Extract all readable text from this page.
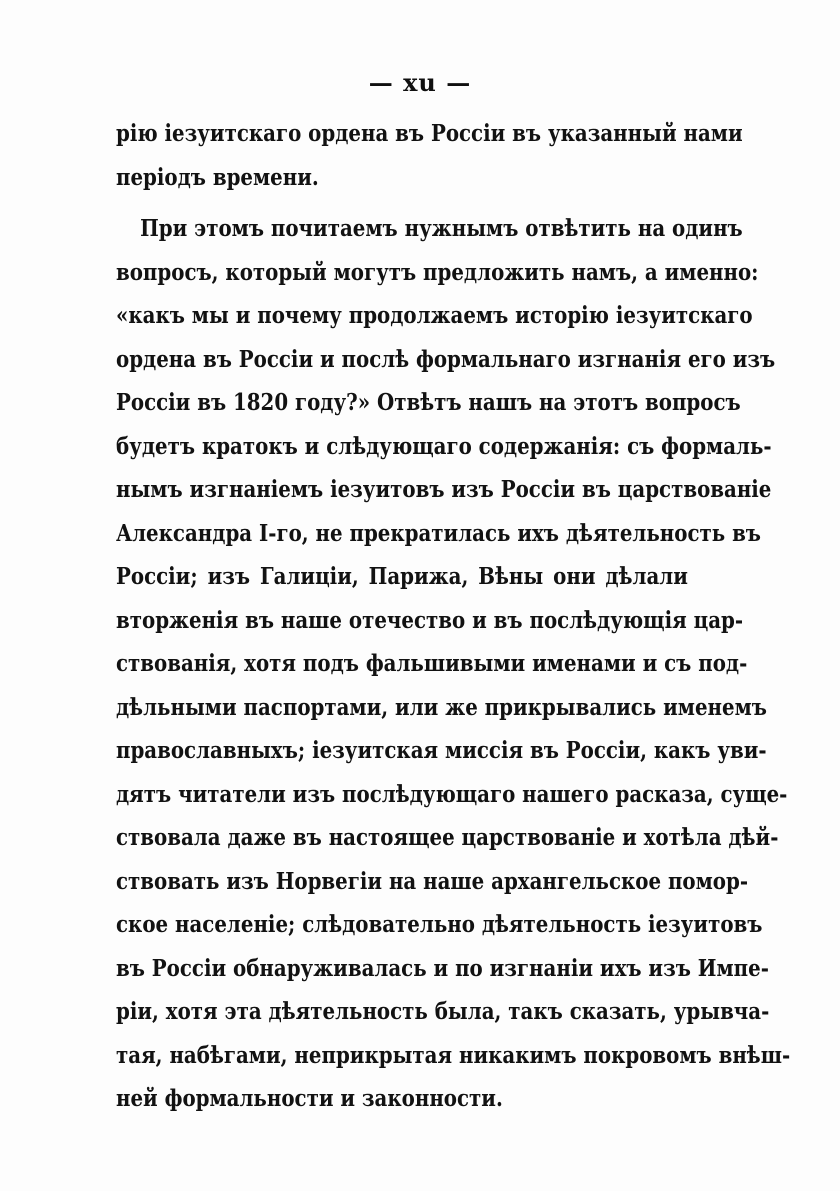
— xu —
рію іезуитскаго ордена въ Россіи въ указанный нами
періодъ времени.
При этомъ почитаемъ нужнымъ отвѣтить на одинъ
вопросъ, который могутъ предложить намъ, а именно:
«какъ мы и почему продолжаемъ исторію іезуитскаго
ордена въ Россіи и послѣ формальнаго изгнанія его изъ
Россіи въ 1820 году?» Отвѣтъ нашъ на этотъ вопросъ
будетъ кратокъ и слѣдующаго содержанія: съ формаль-
нымъ изгнаніемъ іезуитовъ изъ Россіи въ царствованіе
Александра I-го, не прекратилась ихъ дѣятельность въ
Россіи; изъ Галиціи, Парижа, Вѣны они дѣлали
вторженія въ наше отечество и въ послѣдующія цар-
ствованія, хотя подъ фальшивыми именами и съ под-
дѣльными паспортами, или же прикрывались именемъ
православныхъ; іезуитская миссія въ Россіи, какъ уви-
дятъ читатели изъ послѣдующаго нашего расказа, суще-
ствовала даже въ настоящее царствованіе и хотѣла дѣй-
ствовать изъ Норвегіи на наше архангельское помор-
ское населеніе; слѣдовательно дѣятельность іезуитовъ
въ Россіи обнаруживалась и по изгнаніи ихъ изъ Импе-
ріи, хотя эта дѣятельность была, такъ сказать, урывча-
тая, набѣгами, неприкрытая никакимъ покровомъ внѣш-
ней формальности и законности.
